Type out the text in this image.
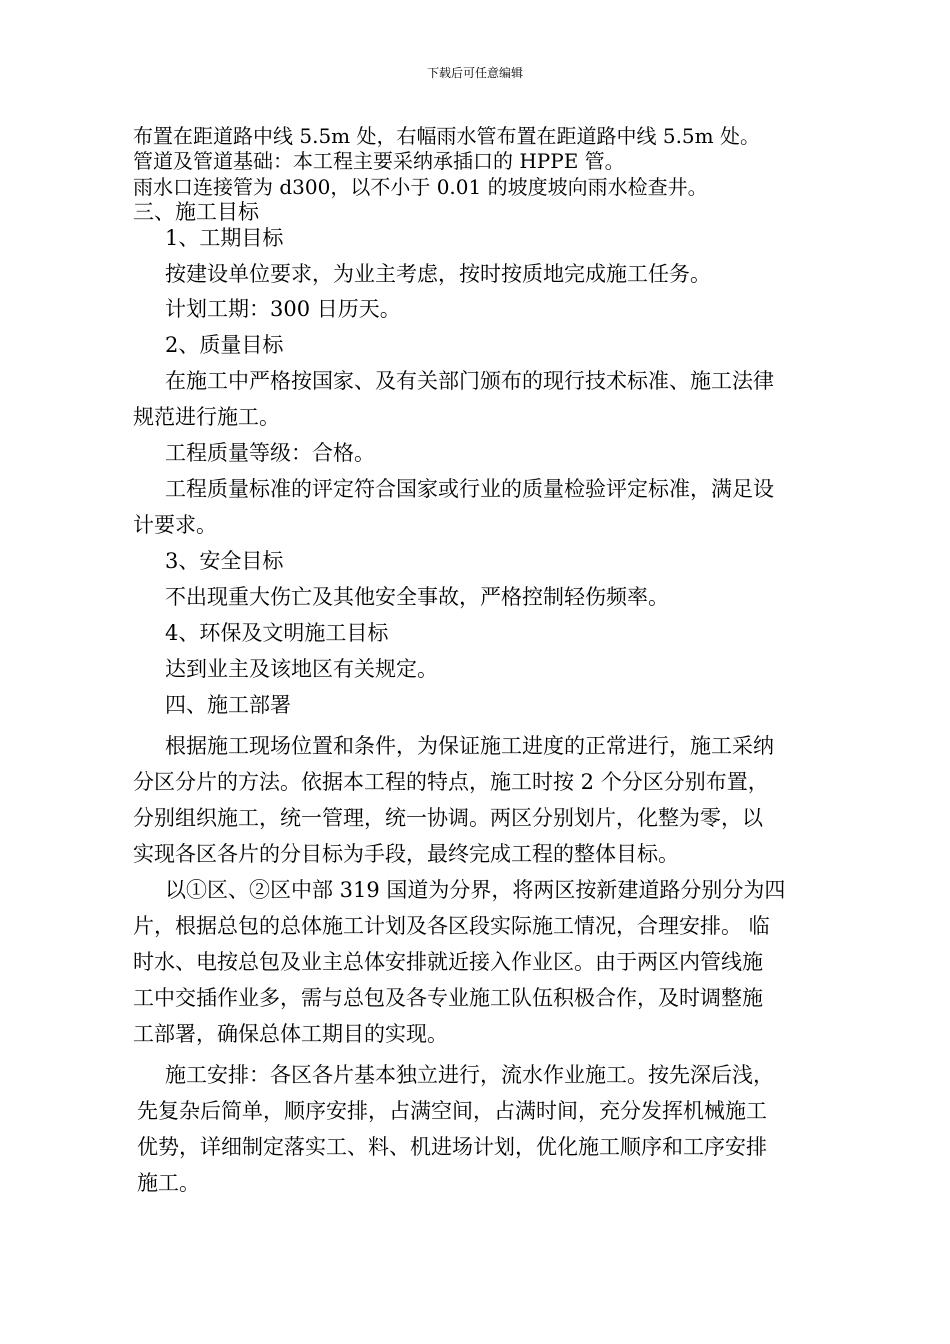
下载后可任意编辑
布置在距道路中线 5.5m 处，右幅雨水管布置在距道路中线 5.5m 处。
管道及管道基础：本工程主要采纳承插口的 HPPE 管。
雨水口连接管为 d300，以不小于 0.01 的坡度坡向雨水检查井。
三、施工目标
1、工期目标
按建设单位要求，为业主考虑，按时按质地完成施工任务。
计划工期：300 日历天。
2、质量目标
在施工中严格按国家、及有关部门颁布的现行技术标准、施工法律
规范进行施工。
工程质量等级：合格。
工程质量标准的评定符合国家或行业的质量检验评定标准，满足设
计要求。
3、安全目标
不出现重大伤亡及其他安全事故，严格控制轻伤频率。
4、环保及文明施工目标
达到业主及该地区有关规定。
四、施工部署
根据施工现场位置和条件，为保证施工进度的正常进行，施工采纳
分区分片的方法。依据本工程的特点，施工时按 2 个分区分别布置，
分别组织施工，统一管理，统一协调。两区分别划片，化整为零，以
实现各区各片的分目标为手段，最终完成工程的整体目标。
以①区、②区中部 319 国道为分界，将两区按新建道路分别分为四
片，根据总包的总体施工计划及各区段实际施工情况，合理安排。 临
时水、电按总包及业主总体安排就近接入作业区。由于两区内管线施
工中交插作业多，需与总包及各专业施工队伍积极合作，及时调整施
工部署，确保总体工期目的实现。
施工安排：各区各片基本独立进行，流水作业施工。按先深后浅，
先复杂后简单，顺序安排，占满空间，占满时间，充分发挥机械施工
优势，详细制定落实工、料、机进场计划，优化施工顺序和工序安排
施工。
